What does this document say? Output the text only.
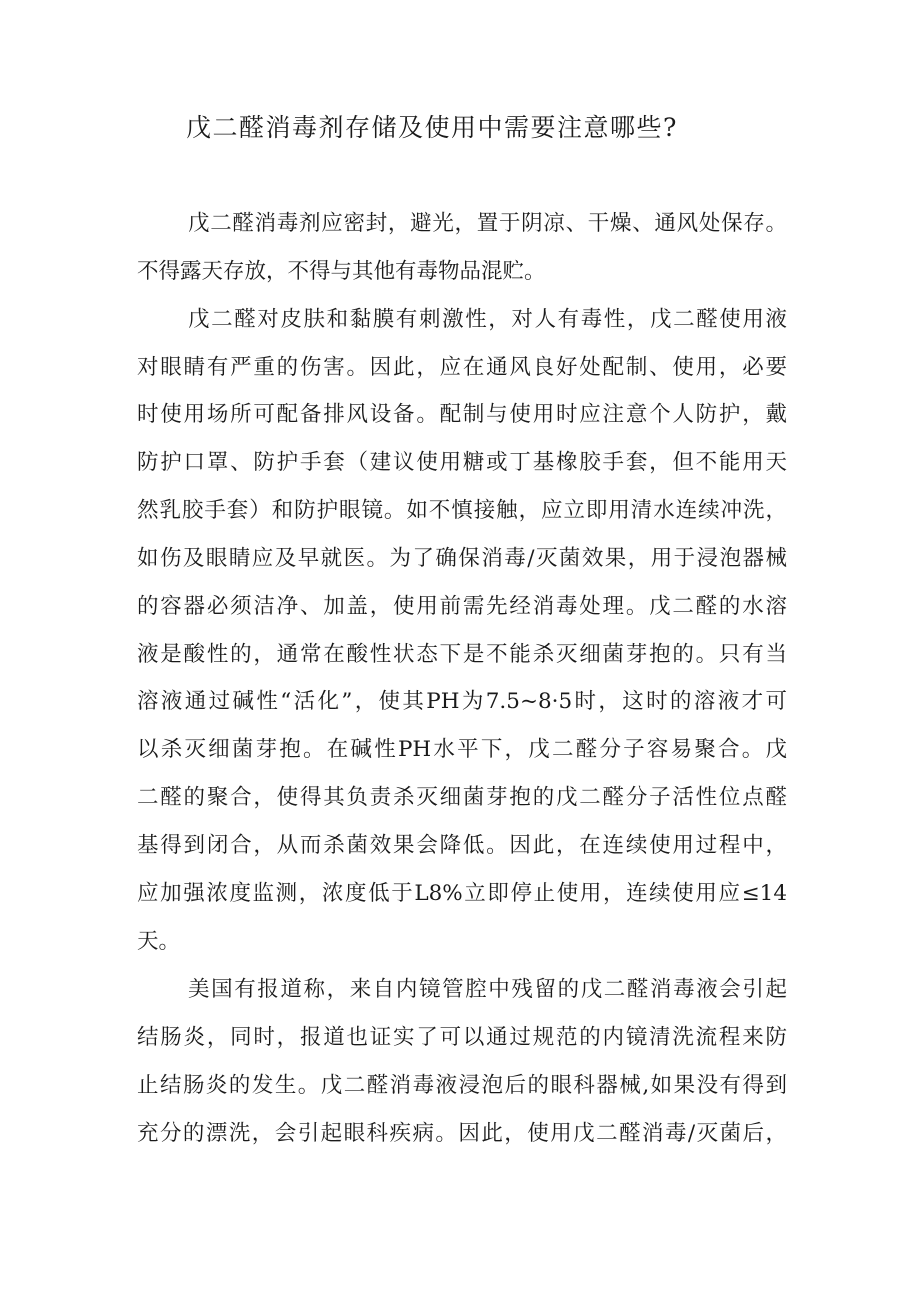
戊二醛消毒剂存储及使用中需要注意哪些?
戊二醛消毒剂应密封，避光，置于阴凉、干燥、通风处保存。
不得露天存放，不得与其他有毒物品混贮。
戊二醛对皮肤和黏膜有刺激性，对人有毒性，戊二醛使用液
对眼睛有严重的伤害。因此，应在通风良好处配制、使用，必要
时使用场所可配备排风设备。配制与使用时应注意个人防护，戴
防护口罩、防护手套（建议使用糖或丁基橡胶手套，但不能用天
然乳胶手套）和防护眼镜。如不慎接触，应立即用清水连续冲洗，
如伤及眼睛应及早就医。为了确保消毒/灭菌效果，用于浸泡器械
的容器必须洁净、加盖，使用前需先经消毒处理。戊二醛的水溶
液是酸性的，通常在酸性状态下是不能杀灭细菌芽抱的。只有当
溶液通过碱性“活化”，使其PH为7.5~8·5时，这时的溶液才可
以杀灭细菌芽抱。在碱性PH水平下，戊二醛分子容易聚合。戊
二醛的聚合，使得其负责杀灭细菌芽抱的戊二醛分子活性位点醛
基得到闭合，从而杀菌效果会降低。因此，在连续使用过程中，
应加强浓度监测，浓度低于L8%立即停止使用，连续使用应≤14
天。
美国有报道称，来自内镜管腔中残留的戊二醛消毒液会引起
结肠炎，同时，报道也证实了可以通过规范的内镜清洗流程来防
止结肠炎的发生。戊二醛消毒液浸泡后的眼科器械,如果没有得到
充分的漂洗，会引起眼科疾病。因此，使用戊二醛消毒/灭菌后，
